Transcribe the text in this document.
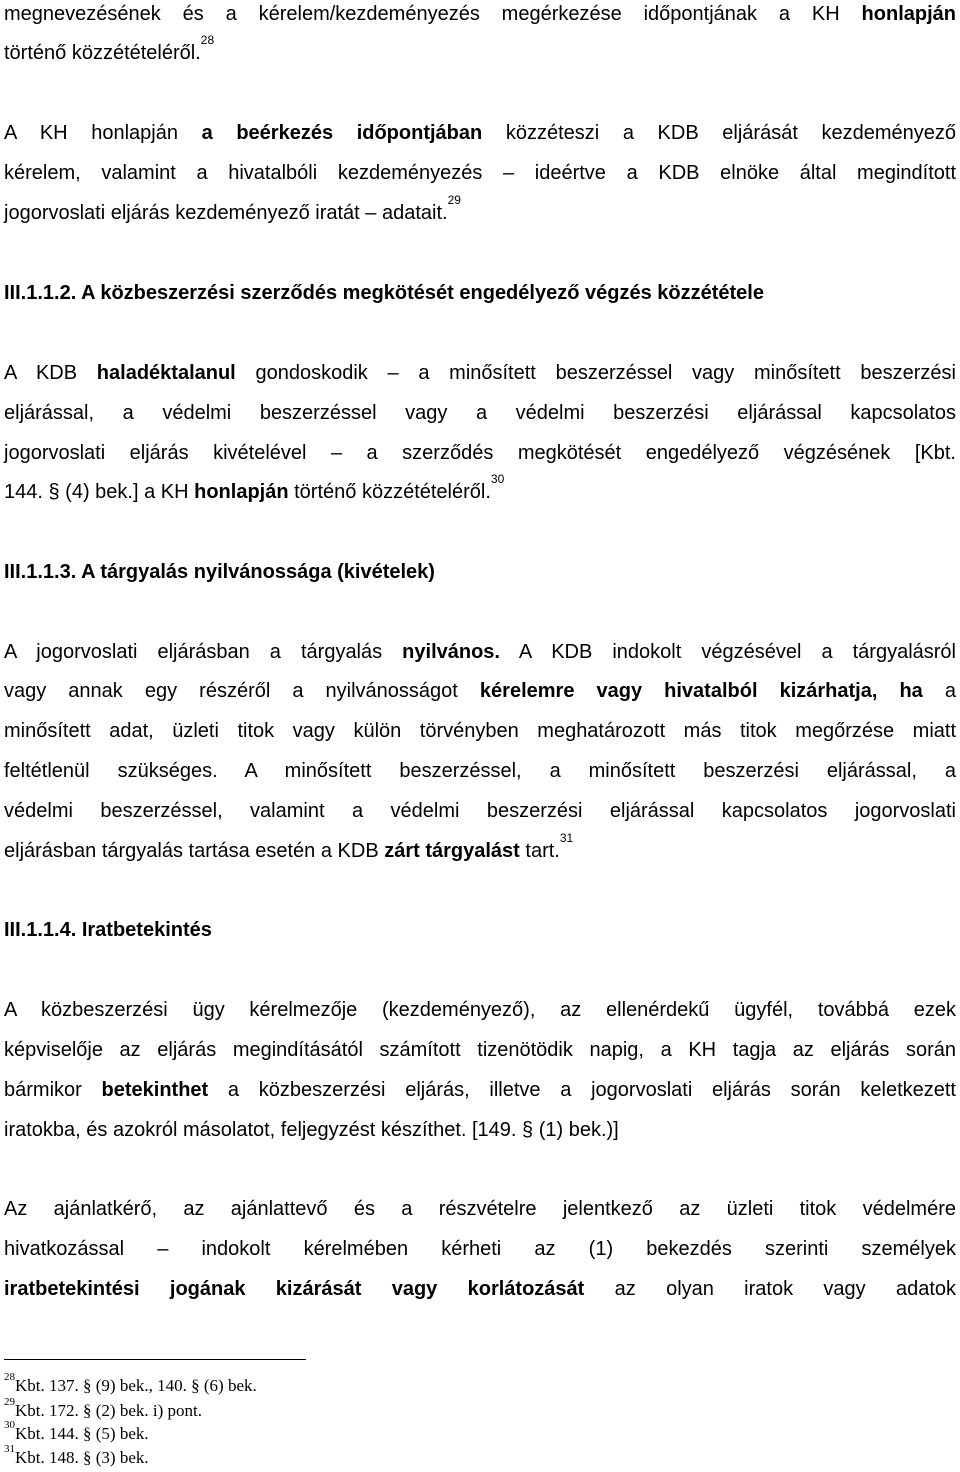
megnevezésének és a kérelem/kezdeményezés megérkezése időpontjának a KH honlapján
történő közzétételéről.$^{28}$
A KH honlapján a beérkezés időpontjában közzéteszi a KDB eljárását kezdeményező
kérelem, valamint a hivatalbóli kezdeményezés – ideértve a KDB elnöke által megindított
jogorvoslati eljárás kezdeményező iratát – adatait.$^{29}$
III.1.1.2. A közbeszerzési szerződés megkötését engedélyező végzés közzététele
A KDB haladéktalanul gondoskodik – a minősített beszerzéssel vagy minősített beszerzési
eljárással, a védelmi beszerzéssel vagy a védelmi beszerzési eljárással kapcsolatos
jogorvoslati eljárás kivételével – a szerződés megkötését engedélyező végzésének [Kbt.
144. § (4) bek.] a KH honlapján történő közzétételéről.$^{30}$
III.1.1.3. A tárgyalás nyilvánossága (kivételek)
A jogorvoslati eljárásban a tárgyalás nyilvános. A KDB indokolt végzésével a tárgyalásról
vagy annak egy részéről a nyilvánosságot kérelemre vagy hivatalból kizárhatja, ha a
minősített adat, üzleti titok vagy külön törvényben meghatározott más titok megőrzése miatt
feltétlenül szükséges. A minősített beszerzéssel, a minősített beszerzési eljárással, a
védelmi beszerzéssel, valamint a védelmi beszerzési eljárással kapcsolatos jogorvoslati
eljárásban tárgyalás tartása esetén a KDB zárt tárgyalást tart.$^{31}$
III.1.1.4. Iratbetekintés
A közbeszerzési ügy kérelmezője (kezdeményező), az ellenérdekű ügyfél, továbbá ezek
képviselője az eljárás megindításától számított tizenötödik napig, a KH tagja az eljárás során
bármikor betekinthet a közbeszerzési eljárás, illetve a jogorvoslati eljárás során keletkezett
iratokba, és azokról másolatot, feljegyzést készíthet. [149. § (1) bek.)]
Az ajánlatkérő, az ajánlattevő és a részvételre jelentkező az üzleti titok védelmére
hivatkozással – indokolt kérelmében kérheti az (1) bekezdés szerinti személyek
iratbetekintési jogának kizárását vagy korlátozását az olyan iratok vagy adatok
$^{28}$Kbt. 137. § (9) bek., 140. § (6) bek.
$^{29}$Kbt. 172. § (2) bek. i) pont.
$^{30}$Kbt. 144. § (5) bek.
$^{31}$Kbt. 148. § (3) bek.
